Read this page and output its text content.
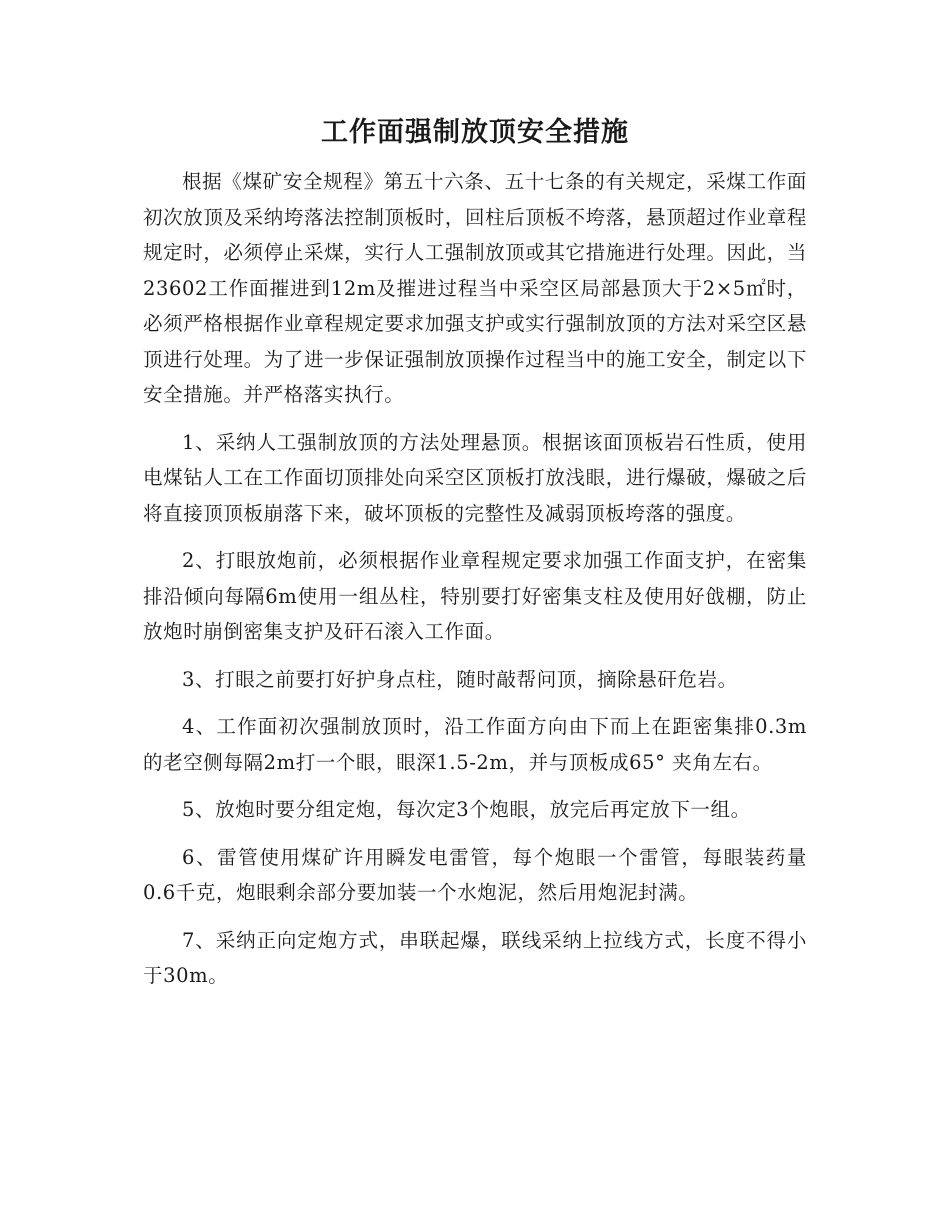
工作面强制放顶安全措施

根据《煤矿安全规程》第五十六条、五十七条的有关规定，采煤工作面初次放顶及采纳垮落法控制顶板时，回柱后顶板不垮落，悬顶超过作业章程规定时，必须停止采煤，实行人工强制放顶或其它措施进行处理。因此，当23602工作面摧进到12m及摧进过程当中采空区局部悬顶大于2×5㎡时，必须严格根据作业章程规定要求加强支护或实行强制放顶的方法对采空区悬顶进行处理。为了进一步保证强制放顶操作过程当中的施工安全，制定以下安全措施。并严格落实执行。

1、采纳人工强制放顶的方法处理悬顶。根据该面顶板岩石性质，使用电煤钻人工在工作面切顶排处向采空区顶板打放浅眼，进行爆破，爆破之后将直接顶顶板崩落下来，破坏顶板的完整性及减弱顶板垮落的强度。

2、打眼放炮前，必须根据作业章程规定要求加强工作面支护，在密集排沿倾向每隔6m使用一组丛柱，特别要打好密集支柱及使用好戗棚，防止放炮时崩倒密集支护及矸石滚入工作面。

3、打眼之前要打好护身点柱，随时敲帮问顶，摘除悬矸危岩。

4、工作面初次强制放顶时，沿工作面方向由下而上在距密集排0.3m的老空侧每隔2m打一个眼，眼深1.5-2m，并与顶板成65° 夹角左右。

5、放炮时要分组定炮，每次定3个炮眼，放完后再定放下一组。

6、雷管使用煤矿许用瞬发电雷管，每个炮眼一个雷管，每眼装药量0.6千克，炮眼剩余部分要加装一个水炮泥，然后用炮泥封满。

7、采纳正向定炮方式，串联起爆，联线采纳上拉线方式，长度不得小于30m。
